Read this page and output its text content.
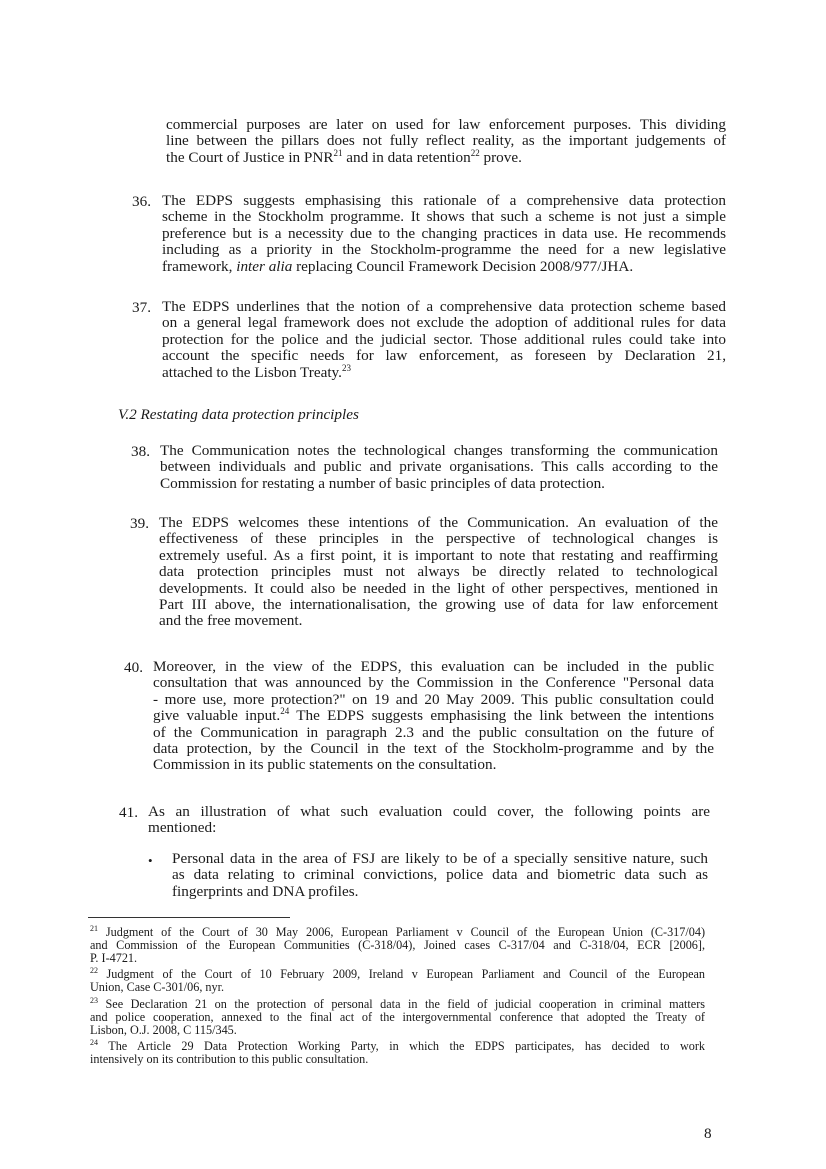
commercial purposes are later on used for law enforcement purposes. This dividing
line between the pillars does not fully reflect reality, as the important judgements of
the Court of Justice in PNR$^{21}$ and in data retention$^{22}$ prove.
36. The EDPS suggests emphasising this rationale of a comprehensive data protection
scheme in the Stockholm programme. It shows that such a scheme is not just a simple
preference but is a necessity due to the changing practices in data use. He recommends
including as a priority in the Stockholm-programme the need for a new legislative
framework, inter alia replacing Council Framework Decision 2008/977/JHA.
37. The EDPS underlines that the notion of a comprehensive data protection scheme based
on a general legal framework does not exclude the adoption of additional rules for data
protection for the police and the judicial sector. Those additional rules could take into
account the specific needs for law enforcement, as foreseen by Declaration 21,
attached to the Lisbon Treaty.$^{23}$
V.2 Restating data protection principles
38. The Communication notes the technological changes transforming the communication
between individuals and public and private organisations. This calls according to the
Commission for restating a number of basic principles of data protection.
39. The EDPS welcomes these intentions of the Communication. An evaluation of the
effectiveness of these principles in the perspective of technological changes is
extremely useful. As a first point, it is important to note that restating and reaffirming
data protection principles must not always be directly related to technological
developments. It could also be needed in the light of other perspectives, mentioned in
Part III above, the internationalisation, the growing use of data for law enforcement
and the free movement.
40. Moreover, in the view of the EDPS, this evaluation can be included in the public
consultation that was announced by the Commission in the Conference "Personal data
- more use, more protection?" on 19 and 20 May 2009. This public consultation could
give valuable input.$^{24}$ The EDPS suggests emphasising the link between the intentions
of the Communication in paragraph 2.3 and the public consultation on the future of
data protection, by the Council in the text of the Stockholm-programme and by the
Commission in its public statements on the consultation.
41. As an illustration of what such evaluation could cover, the following points are
mentioned:
• Personal data in the area of FSJ are likely to be of a specially sensitive nature, such
as data relating to criminal convictions, police data and biometric data such as
fingerprints and DNA profiles.
$^{21}$ Judgment of the Court of 30 May 2006, European Parliament v Council of the European Union (C-317/04)
and Commission of the European Communities (C-318/04), Joined cases C-317/04 and C-318/04, ECR [2006],
P. I-4721.
$^{22}$ Judgment of the Court of 10 February 2009, Ireland v European Parliament and Council of the European
Union, Case C-301/06, nyr.
$^{23}$ See Declaration 21 on the protection of personal data in the field of judicial cooperation in criminal matters
and police cooperation, annexed to the final act of the intergovernmental conference that adopted the Treaty of
Lisbon, O.J. 2008, C 115/345.
$^{24}$ The Article 29 Data Protection Working Party, in which the EDPS participates, has decided to work
intensively on its contribution to this public consultation.
8
